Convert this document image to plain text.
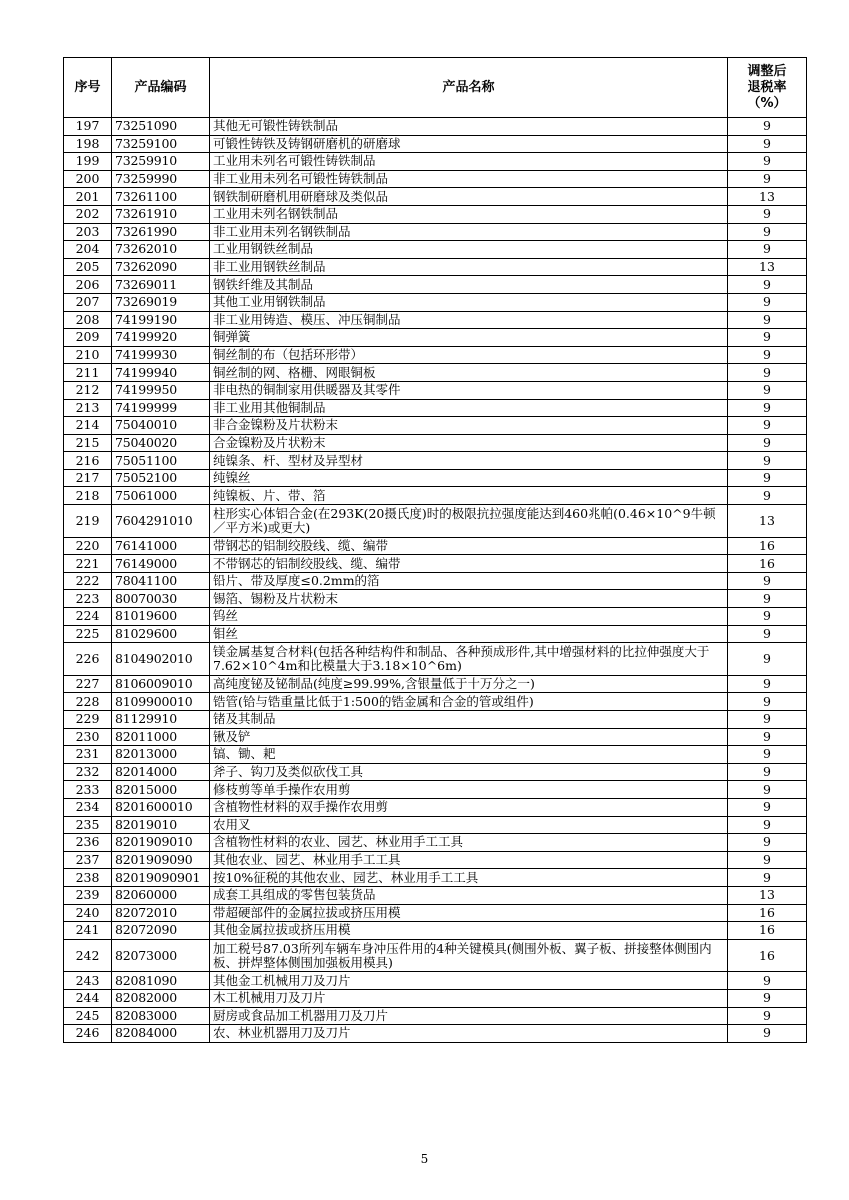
序号	产品编码	产品名称	调整后
退税率
（%）
197	73251090	其他无可锻性铸铁制品	9
198	73259100	可锻性铸铁及铸钢研磨机的研磨球	9
199	73259910	工业用未列名可锻性铸铁制品	9
200	73259990	非工业用未列名可锻性铸铁制品	9
201	73261100	钢铁制研磨机用研磨球及类似品	13
202	73261910	工业用未列名钢铁制品	9
203	73261990	非工业用未列名钢铁制品	9
204	73262010	工业用钢铁丝制品	9
205	73262090	非工业用钢铁丝制品	13
206	73269011	钢铁纤维及其制品	9
207	73269019	其他工业用钢铁制品	9
208	74199190	非工业用铸造、模压、冲压铜制品	9
209	74199920	铜弹簧	9
210	74199930	铜丝制的布（包括环形带）	9
211	74199940	铜丝制的网、格栅、网眼铜板	9
212	74199950	非电热的铜制家用供暖器及其零件	9
213	74199999	非工业用其他铜制品	9
214	75040010	非合金镍粉及片状粉末	9
215	75040020	合金镍粉及片状粉末	9
216	75051100	纯镍条、杆、型材及异型材	9
217	75052100	纯镍丝	9
218	75061000	纯镍板、片、带、箔	9
219	7604291010	柱形实心体铝合金(在293K(20摄氏度)时的极限抗拉强度能达到460兆帕(0.46×10^9牛顿／平方米)或更大)	13
220	76141000	带钢芯的铝制绞股线、缆、编带	16
221	76149000	不带钢芯的铝制绞股线、缆、编带	16
222	78041100	铅片、带及厚度≤0.2mm的箔	9
223	80070030	锡箔、锡粉及片状粉末	9
224	81019600	钨丝	9
225	81029600	钼丝	9
226	8104902010	镁金属基复合材料(包括各种结构件和制品、各种预成形件,其中增强材料的比拉伸强度大于7.62×10^4m和比模量大于3.18×10^6m)	9
227	8106009010	高纯度铋及铋制品(纯度≥99.99%,含银量低于十万分之一)	9
228	8109900010	锆管(铪与锆重量比低于1:500的锆金属和合金的管或组件)	9
229	81129910	锗及其制品	9
230	82011000	锹及铲	9
231	82013000	镐、锄、耙	9
232	82014000	斧子、钩刀及类似砍伐工具	9
233	82015000	修枝剪等单手操作农用剪	9
234	8201600010	含植物性材料的双手操作农用剪	9
235	82019010	农用叉	9
236	8201909010	含植物性材料的农业、园艺、林业用手工工具	9
237	8201909090	其他农业、园艺、林业用手工工具	9
238	82019090901	按10%征税的其他农业、园艺、林业用手工工具	9
239	82060000	成套工具组成的零售包装货品	13
240	82072010	带超硬部件的金属拉拔或挤压用模	16
241	82072090	其他金属拉拔或挤压用模	16
242	82073000	加工税号87.03所列车辆车身冲压件用的4种关键模具(侧围外板、翼子板、拼接整体侧围内板、拼焊整体侧围加强板用模具)	16
243	82081090	其他金工机械用刀及刀片	9
244	82082000	木工机械用刀及刀片	9
245	82083000	厨房或食品加工机器用刀及刀片	9
246	82084000	农、林业机器用刀及刀片	9
5
